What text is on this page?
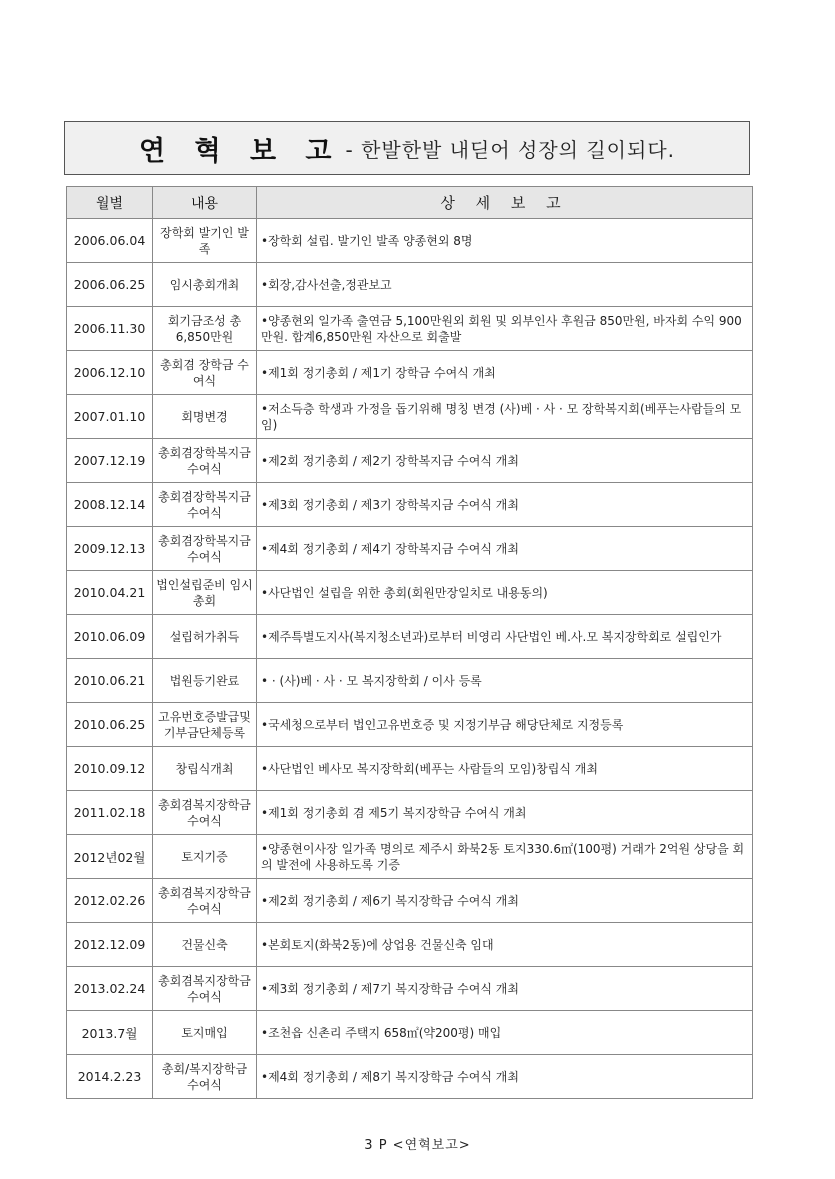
연 혁 보 고 - 한발한발 내딛어 성장의 길이되다.
월별	내용	상 세 보 고
2006.06.04	장학회 발기인 발 족	•장학회 설립. 발기인 발족 양종현외 8명
2006.06.25	임시총회개최	•회장,감사선출,정관보고
2006.11.30	회기금조성 총 6,850만원	•양종현외 일가족 출연금 5,100만원외 회원 및 외부인사 후원금 850만원, 바자회 수익 900만원. 합계6,850만원 자산으로 회출발
2006.12.10	총회겸 장학금 수여식	•제1회 정기총회 / 제1기 장학금 수여식 개최
2007.01.10	회명변경	•저소득층 학생과 가정을 돕기위해 명칭 변경 (사)베 · 사 · 모 장학복지회(베푸는사람들의 모임)
2007.12.19	총회겸장학복지금 수여식	•제2회 정기총회 / 제2기 장학복지금 수여식 개최
2008.12.14	총회겸장학복지금 수여식	•제3회 정기총회 / 제3기 장학복지금 수여식 개최
2009.12.13	총회겸장학복지금 수여식	•제4회 정기총회 / 제4기 장학복지금 수여식 개최
2010.04.21	법인설립준비 임시총회	•사단법인 설립을 위한 총회(회원만장일치로 내용동의)
2010.06.09	설립허가취득	•제주특별도지사(복지청소년과)로부터 비영리 사단법인 베.사.모 복지장학회로 설립인가
2010.06.21	법원등기완료	• · (사)베 · 사 · 모 복지장학회 / 이사 등록
2010.06.25	고유번호증발급및기부금단체등록	•국세청으로부터 법인고유번호증 및 지정기부금 해당단체로 지정등록
2010.09.12	창립식개최	•사단법인 베사모 복지장학회(베푸는 사람들의 모임)창립식 개최
2011.02.18	총회겸복지장학금 수여식	•제1회 정기총회 겸 제5기 복지장학금 수여식 개최
2012년02월	토지기증	•양종현이사장 일가족 명의로 제주시 화북2동 토지330.6㎡(100평) 거래가 2억원 상당을 회의 발전에 사용하도록 기증
2012.02.26	총회겸복지장학금 수여식	•제2회 정기총회 / 제6기 복지장학금 수여식 개최
2012.12.09	건물신축	•본회토지(화북2동)에 상업용 건물신축 임대
2013.02.24	총회겸복지장학금 수여식	•제3회 정기총회 / 제7기 복지장학금 수여식 개최
2013.7월	토지매입	•조천읍 신촌리 주택지 658㎡(약200평) 매입
2014.2.23	총회/복지장학금 수여식	•제4회 정기총회 / 제8기 복지장학금 수여식 개최
3 P <연혁보고>
